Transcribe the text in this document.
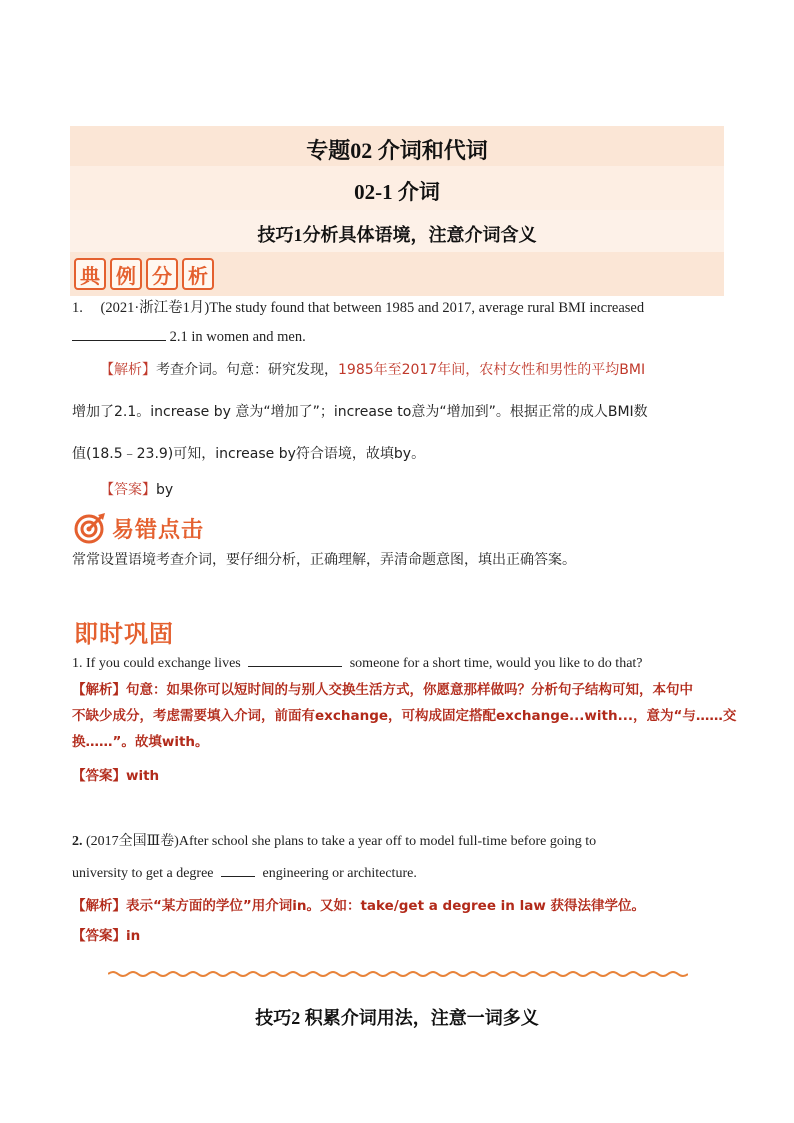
专题02 介词和代词
02-1 介词
技巧1分析具体语境，注意介词含义
典 例 分 析
1. (2021·浙江卷1月)The study found that between 1985 and 2017, average rural BMI increased
2.1 in women and men.
【解析】考查介词。句意：研究发现，1985年至2017年间，农村女性和男性的平均BMI
增加了2.1。increase by 意为“增加了”；increase to意为“增加到”。根据正常的成人BMI数
值(18.5﹣23.9)可知，increase by符合语境，故填by。
【答案】by
易错点击
常常设置语境考查介词，要仔细分析，正确理解，弄清命题意图，填出正确答案。
即时巩固
1. If you could exchange lives	someone for a short time, would you like to do that?
【解析】句意：如果你可以短时间的与别人交换生活方式，你愿意那样做吗？分析句子结构可知，本句中
不缺少成分，考虑需要填入介词，前面有exchange，可构成固定搭配exchange...with...，意为“与……交
换……”。故填with。
【答案】with
2. (2017全国Ⅲ卷)After school she plans to take a year off to model full-time before going to
university to get a degree	engineering or architecture.
【解析】表示“某方面的学位”用介词in。又如：take/get a degree in law 获得法律学位。
【答案】in
技巧2 积累介词用法，注意一词多义
